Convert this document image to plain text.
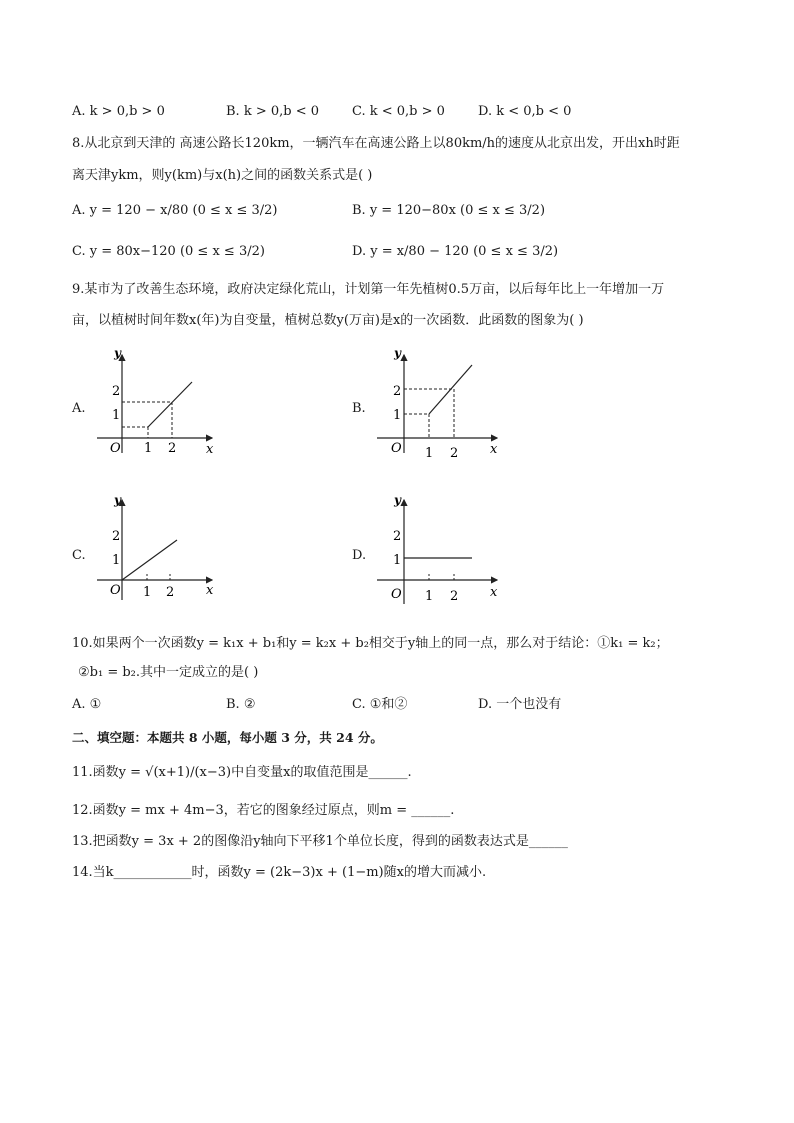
A. k > 0,b > 0	B. k > 0,b < 0	C. k < 0,b > 0	D. k < 0,b < 0
8.从北京到天津的 高速公路长120km，一辆汽车在高速公路上以80km/h的速度从北京出发，开出xh时距
离天津ykm，则y(km)与x(h)之间的函数关系式是( )
A. y = 120 − x/80 (0 ≤ x ≤ 3/2)	B. y = 120−80x (0 ≤ x ≤ 3/2)
C. y = 80x−120 (0 ≤ x ≤ 3/2)	D. y = x/80 − 120 (0 ≤ x ≤ 3/2)
9.某市为了改善生态环境，政府决定绿化荒山，计划第一年先植树0.5万亩，以后每年比上一年增加一万
亩，以植树时间年数x(年)为自变量，植树总数y(万亩)是x的一次函数．此函数的图象为( )
A.
y
x
O 1 2
1
2
B.
y
x
O 1 2
1
2
C.
y
x
O 1 2
1
2
D.
y
x
O 1 2
1
2
10.如果两个一次函数y = k₁x + b₁和y = k₂x + b₂相交于y轴上的同一点，那么对于结论：①k₁ = k₂；
②b₁ = b₂.其中一定成立的是( )
A. ①	B. ②	C. ①和②	D. 一个也没有
二、填空题：本题共 8 小题，每小题 3 分，共 24 分。
11.函数y = √(x+1)/(x−3)中自变量x的取值范围是______.
12.函数y = mx + 4m−3，若它的图象经过原点，则m = ______.
13.把函数y = 3x + 2的图像沿y轴向下平移1个单位长度，得到的函数表达式是______
14.当k____________时，函数y = (2k−3)x + (1−m)随x的增大而减小.
